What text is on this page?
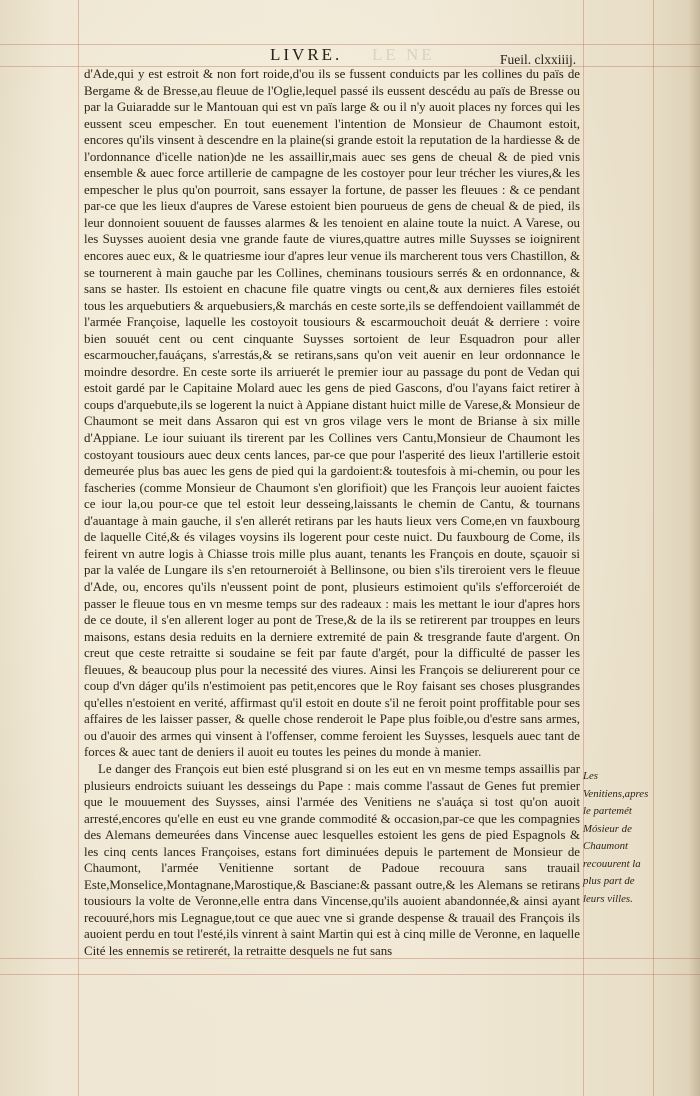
LIVRE. LE NE	Fueil. clxxiiij.

d'Ade,qui y est estroit & non fort roide,d'ou ils se fussent conduicts par les collines du païs de Bergame & de Bresse,au fleuue de l'Oglie,lequel passé ils eussent descédu au païs de Bresse ou par la Guiaradde sur le Mantouan qui est vn païs large & ou il n'y auoit places ny forces qui les eussent sceu empescher. En tout euenement l'intention de Monsieur de Chaumont estoit, encores qu'ils vinsent à descendre en la plaine(si grande estoit la reputation de la hardiesse & de l'ordonnance d'icelle nation)de ne les assaillir,mais auec ses gens de cheual & de pied vnis ensemble & auec force artillerie de campagne de les costoyer pour leur trécher les viures,& les empescher le plus qu'on pourroit, sans essayer la fortune, de passer les fleuues : & ce pendant par-ce que les lieux d'aupres de Varese estoient bien pourueus de gens de cheual & de pied, ils leur donnoient souuent de fausses alarmes & les tenoient en alaine toute la nuict. A Varese, ou les Suysses auoient desia vne grande faute de viures,quattre autres mille Suysses se ioignirent encores auec eux, & le quatriesme iour d'apres leur venue ils marcherent tous vers Chastillon, & se tournerent à main gauche par les Collines, cheminans tousiours serrés & en ordonnance, & sans se haster. Ils estoient en chacune file quatre vingts ou cent,& aux dernieres files estoiét tous les arquebutiers & arquebusiers,& marchás en ceste sorte,ils se deffendoient vaillammét de l'armée Françoise, laquelle les costoyoit tousiours & escarmouchoit deuát & derriere : voire bien souuét cent ou cent cinquante Suysses sortoient de leur Esquadron pour aller escarmoucher,fauáçans, s'arrestás,& se retirans,sans qu'on veit auenir en leur ordonnance le moindre desordre. En ceste sorte ils arriuerét le premier iour au passage du pont de Vedan qui estoit gardé par le Capitaine Molard auec les gens de pied Gascons, d'ou l'ayans faict retirer à coups d'arquebute,ils se logerent la nuict à Appiane distant huict mille de Varese,& Monsieur de Chaumont se meit dans Assaron qui est vn gros vilage vers le mont de Brianse à six mille d'Appiane. Le iour suiuant ils tirerent par les Collines vers Cantu,Monsieur de Chaumont les costoyant tousiours auec deux cents lances, par-ce que pour l'asperité des lieux l'artillerie estoit demeurée plus bas auec les gens de pied qui la gardoient:& toutesfois à mi-chemin, ou pour les fascheries (comme Monsieur de Chaumont s'en glorifioit) que les François leur auoient faictes ce iour la,ou pour-ce que tel estoit leur desseing,laissants le chemin de Cantu, & tournans d'auantage à main gauche, il s'en allerét retirans par les hauts lieux vers Come,en vn fauxbourg de laquelle Cité,& és vilages voysins ils logerent pour ceste nuict. Du fauxbourg de Come, ils feirent vn autre logis à Chiasse trois mille plus auant, tenants les François en doute, sçauoir si par la valée de Lungare ils s'en retourneroiét à Bellinsone, ou bien s'ils tireroient vers le fleuue d'Ade, ou, encores qu'ils n'eussent point de pont, plusieurs estimoient qu'ils s'efforceroiét de passer le fleuue tous en vn mesme temps sur des radeaux : mais les mettant le iour d'apres hors de ce doute, il s'en allerent loger au pont de Trese,& de la ils se retirerent par trouppes en leurs maisons, estans desia reduits en la derniere extremité de pain & tresgrande faute d'argent. On creut que ceste retraitte si soudaine se feit par faute d'argét, pour la difficulté de passer les fleuues, & beaucoup plus pour la necessité des viures. Ainsi les François se deliurerent pour ce coup d'vn dáger qu'ils n'estimoient pas petit,encores que le Roy faisant ses choses plusgrandes qu'elles n'estoient en verité, affirmast qu'il estoit en doute s'il ne feroit point proffitable pour ses affaires de les laisser passer, & quelle chose renderoit le Pape plus foible,ou d'estre sans armes, ou d'auoir des armes qui vinsent à l'offenser, comme feroient les Suysses, lesquels auec tant de forces & auec tant de deniers il auoit eu toutes les peines du monde à manier.

Le danger des François eut bien esté plusgrand si on les eut en vn mesme temps assaillis par plusieurs endroicts suiuant les desseings du Pape : mais comme l'assaut de Genes fut premier que le mouuement des Suysses, ainsi l'armée des Venitiens ne s'auáça si tost qu'on auoit arresté,encores qu'elle en eust eu vne grande commodité & occasion,par-ce que les compagnies des Alemans demeurées dans Vincense auec lesquelles estoient les gens de pied Espagnols & les cinq cents lances Françoises, estans fort diminuées depuis le partement de Monsieur de Chaumont, l'armée Venitienne sortant de Padoue recouura sans trauail Este,Monselice,Montagnane,Marostique,& Basciane:& passant outre,& les Alemans se retirans tousiours la volte de Veronne,elle entra dans Vincense,qu'ils auoient abandonnée,& ainsi ayant recouuré,hors mis Legnague,tout ce que auec vne si grande despense & trauail des François ils auoient perdu en tout l'esté,ils vinrent à saint Martin qui est à cinq mille de Veronne, en laquelle Cité les ennemis se retirerét, la retraitte desquels ne fut sans

Les Venitiens,apres le partemét Mósieur de Chaumont recouurent la plus part de leurs villes.
